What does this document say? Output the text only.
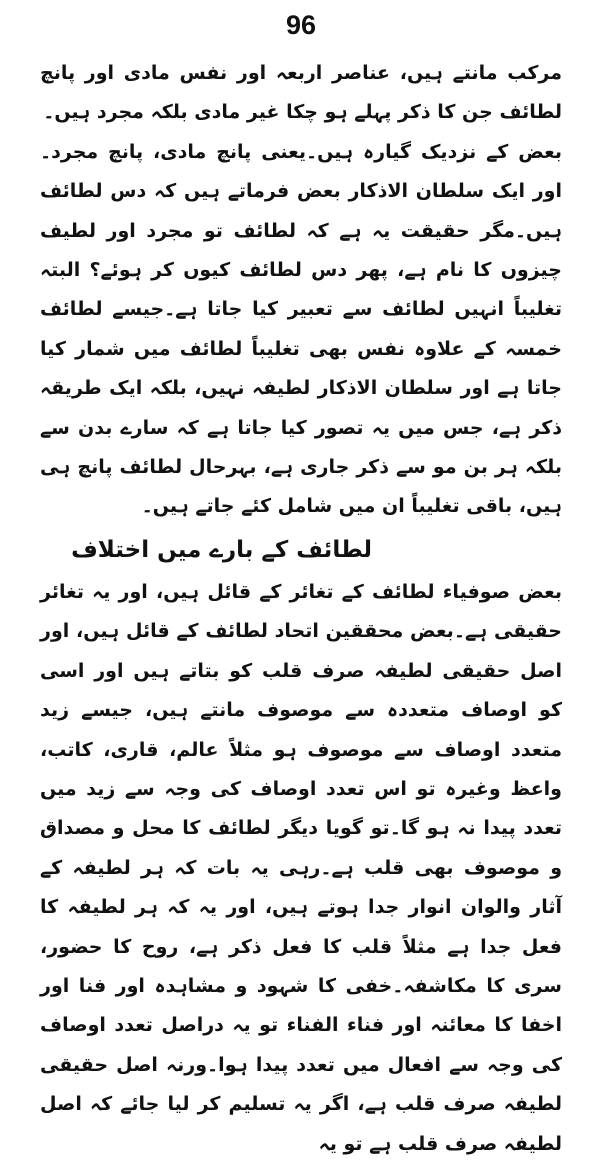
96

مرکب مانتے ہیں، عناصر اربعہ اور نفس مادی اور پانچ لطائف جن کا ذکر پہلے ہو چکا غیر مادی بلکہ مجرد ہیں۔

بعض کے نزدیک گیارہ ہیں۔یعنی پانچ مادی، پانچ مجرد۔اور ایک سلطان الاذکار بعض فرماتے ہیں کہ دس لطائف ہیں۔مگر حقیقت یہ ہے کہ لطائف تو مجرد اور لطیف چیزوں کا نام ہے، پھر دس لطائف کیوں کر ہوئے؟ البتہ تغلیباً انہیں لطائف سے تعبیر کیا جاتا ہے۔جیسے لطائف خمسہ کے علاوہ نفس بھی تغلیباً لطائف میں شمار کیا جاتا ہے اور سلطان الاذکار لطیفہ نہیں، بلکہ ایک طریقہ ذکر ہے، جس میں یہ تصور کیا جاتا ہے کہ سارے بدن سے بلکہ ہر بن مو سے ذکر جاری ہے، بہرحال لطائف پانچ ہی ہیں، باقی تغلیباً ان میں شامل کئے جاتے ہیں۔

لطائف کے بارے میں اختلاف

بعض صوفیاء لطائف کے تغائر کے قائل ہیں، اور یہ تغائر حقیقی ہے۔بعض محققین اتحاد لطائف کے قائل ہیں، اور اصل حقیقی لطیفہ صرف قلب کو بتاتے ہیں اور اسی کو اوصاف متعددہ سے موصوف مانتے ہیں، جیسے زید متعدد اوصاف سے موصوف ہو مثلاً عالم، قاری، کاتب، واعظ وغیرہ تو اس تعدد اوصاف کی وجہ سے زید میں تعدد پیدا نہ ہو گا۔تو گویا دیگر لطائف کا محل و مصداق و موصوف بھی قلب ہے۔رہی یہ بات کہ ہر لطیفہ کے آثار والوان انوار جدا ہوتے ہیں، اور یہ کہ ہر لطیفہ کا فعل جدا ہے مثلاً قلب کا فعل ذکر ہے، روح کا حضور، سری کا مکاشفہ۔خفی کا شہود و مشاہدہ اور فنا اور اخفا کا معائنہ اور فناء الفناء تو یہ دراصل تعدد اوصاف کی وجہ سے افعال میں تعدد پیدا ہوا۔ورنہ اصل حقیقی لطیفہ صرف قلب ہے، اگر یہ تسلیم کر لیا جائے کہ اصل لطیفہ صرف قلب ہے تو یہ
